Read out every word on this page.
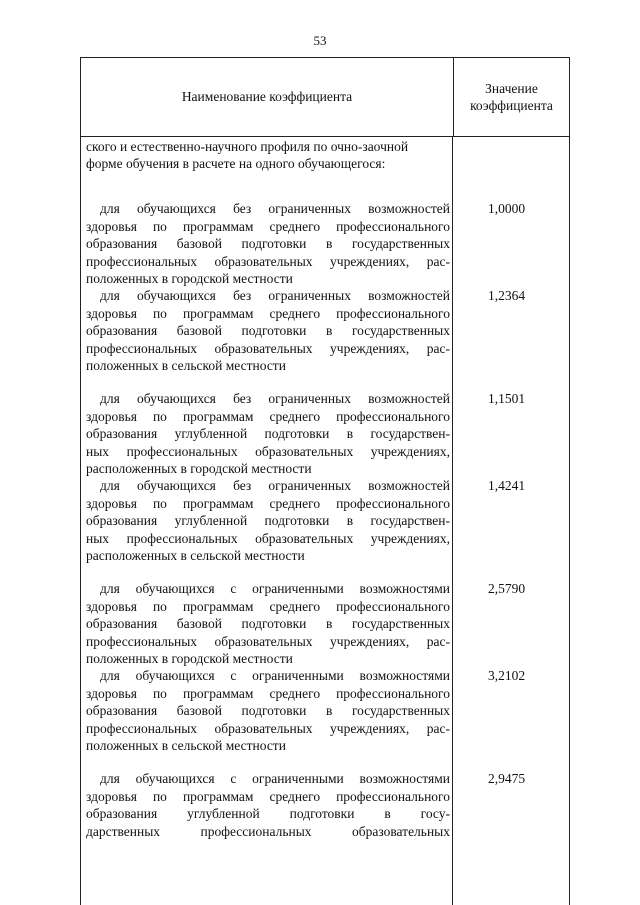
53
Наименование коэффициента
Значение
коэффициента
ского и естественно-научного профиля по очно-заочной
форме обучения в расчете на одного обучающегося:
для обучающихся без ограниченных возможностей
здоровья по программам среднего профессионального
образования базовой подготовки в государственных
профессиональных образовательных учреждениях, рас-
положенных в городской местности
1,0000
для обучающихся без ограниченных возможностей
здоровья по программам среднего профессионального
образования базовой подготовки в государственных
профессиональных образовательных учреждениях, рас-
положенных в сельской местности
1,2364
для обучающихся без ограниченных возможностей
здоровья по программам среднего профессионального
образования углубленной подготовки в государствен-
ных профессиональных образовательных учреждениях,
расположенных в городской местности
1,1501
для обучающихся без ограниченных возможностей
здоровья по программам среднего профессионального
образования углубленной подготовки в государствен-
ных профессиональных образовательных учреждениях,
расположенных в сельской местности
1,4241
для обучающихся с ограниченными возможностями
здоровья по программам среднего профессионального
образования базовой подготовки в государственных
профессиональных образовательных учреждениях, рас-
положенных в городской местности
2,5790
для обучающихся с ограниченными возможностями
здоровья по программам среднего профессионального
образования базовой подготовки в государственных
профессиональных образовательных учреждениях, рас-
положенных в сельской местности
3,2102
для обучающихся с ограниченными возможностями
здоровья по программам среднего профессионального
образования углубленной подготовки в госу-
дарственных профессиональных образовательных
2,9475
